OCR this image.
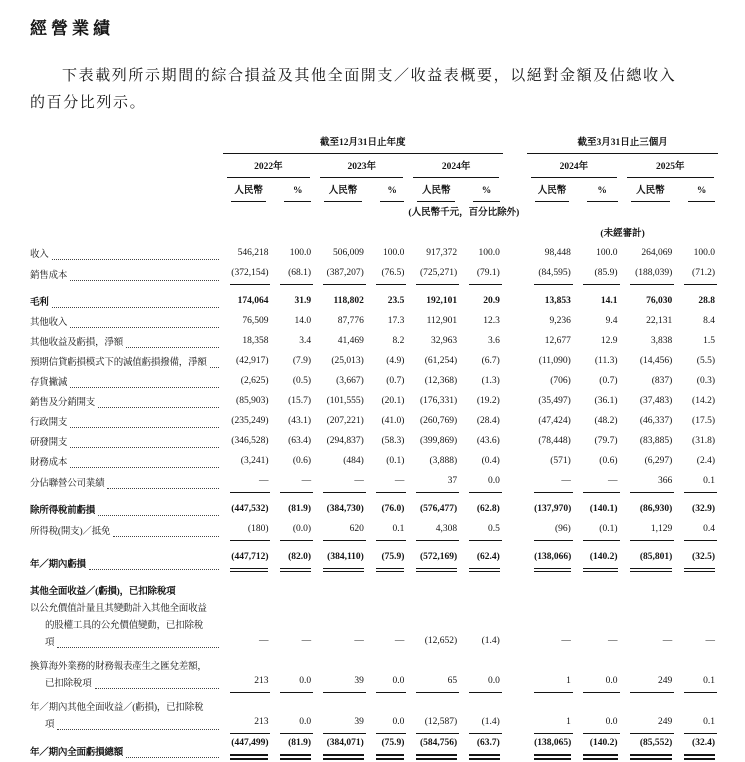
經營業績

下表載列所示期間的綜合損益及其他全面開支／收益表概要，以絕對金額及佔總收入
的百分比列示。

	截至12月31日止年度							截至3月31日止三個月			

	2022年		2023年		2024年			2024年		2025年	

	人民幣	%	人民幣	%	人民幣	%		人民幣	%	人民幣	%

					(人民幣千元，百分比除外)						

								(未經審計)			

收入	546,218	100.0	506,009	100.0	917,372	100.0		98,448	100.0	264,069	100.0

銷售成本	(372,154)	(68.1)	(387,207)	(76.5)	(725,271)	(79.1)		(84,595)	(85.9)	(188,039)	(71.2)

毛利	174,064	31.9	118,802	23.5	192,101	20.9		13,853	14.1	76,030	28.8

其他收入	76,509	14.0	87,776	17.3	112,901	12.3		9,236	9.4	22,131	8.4

其他收益及虧損，淨額	18,358	3.4	41,469	8.2	32,963	3.6		12,677	12.9	3,838	1.5

預期信貸虧損模式下的減值虧損撥備，淨額	(42,917)	(7.9)	(25,013)	(4.9)	(61,254)	(6.7)		(11,090)	(11.3)	(14,456)	(5.5)

存貨撇減	(2,625)	(0.5)	(3,667)	(0.7)	(12,368)	(1.3)		(706)	(0.7)	(837)	(0.3)

銷售及分銷開支	(85,903)	(15.7)	(101,555)	(20.1)	(176,331)	(19.2)		(35,497)	(36.1)	(37,483)	(14.2)

行政開支	(235,249)	(43.1)	(207,221)	(41.0)	(260,769)	(28.4)		(47,424)	(48.2)	(46,337)	(17.5)

研發開支	(346,528)	(63.4)	(294,837)	(58.3)	(399,869)	(43.6)		(78,448)	(79.7)	(83,885)	(31.8)

財務成本	(3,241)	(0.6)	(484)	(0.1)	(3,888)	(0.4)		(571)	(0.6)	(6,297)	(2.4)

分佔聯營公司業績	—	—	—	—	37	0.0		—	—	366	0.1

除所得稅前虧損	(447,532)	(81.9)	(384,730)	(76.0)	(576,477)	(62.8)		(137,970)	(140.1)	(86,930)	(32.9)

所得稅(開支)／抵免	(180)	(0.0)	620	0.1	4,308	0.5		(96)	(0.1)	1,129	0.4

年／期內虧損	(447,712)	(82.0)	(384,110)	(75.9)	(572,169)	(62.4)		(138,066)	(140.2)	(85,801)	(32.5)

其他全面收益／(虧損)，已扣除稅項											

以公允價值計量且其變動計入其他全面收益
的股權工具的公允價值變動，已扣除稅
項	—	—	—	—	(12,652)	(1.4)		—	—	—	—

換算海外業務的財務報表產生之匯兌差額，
已扣除稅項	213	0.0	39	0.0	65	0.0		1	0.0	249	0.1

年／期內其他全面收益／(虧損)，已扣除稅
項	213	0.0	39	0.0	(12,587)	(1.4)		1	0.0	249	0.1

年／期內全面虧損總額	(447,499)	(81.9)	(384,071)	(75.9)	(584,756)	(63.7)		(138,065)	(140.2)	(85,552)	(32.4)
